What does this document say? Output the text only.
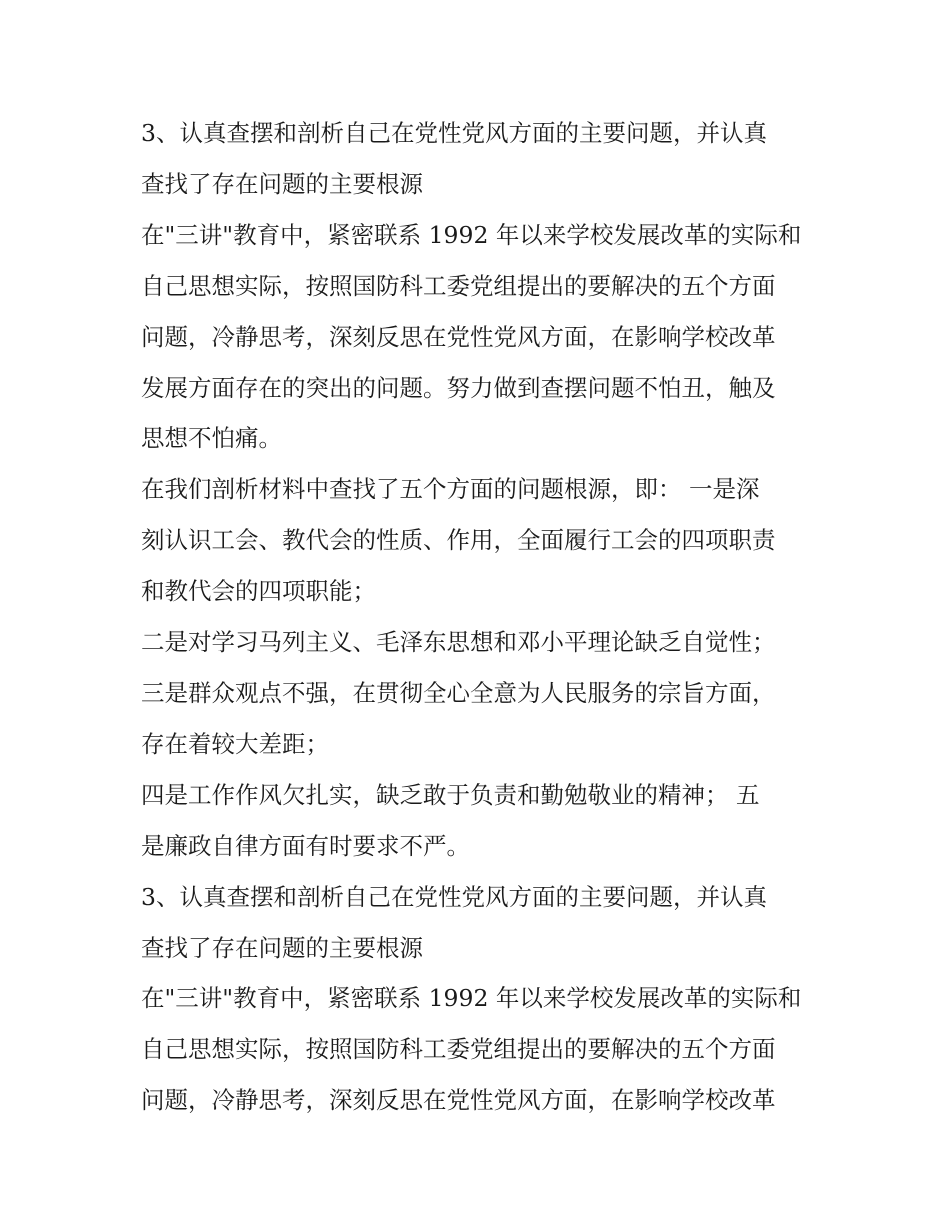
3、认真查摆和剖析自己在党性党风方面的主要问题，并认真

查找了存在问题的主要根源

在"三讲"教育中，紧密联系 1992 年以来学校发展改革的实际和

自己思想实际，按照国防科工委党组提出的要解决的五个方面

问题，冷静思考，深刻反思在党性党风方面，在影响学校改革

发展方面存在的突出的问题。努力做到查摆问题不怕丑，触及

思想不怕痛。

在我们剖析材料中查找了五个方面的问题根源，即： 一是深

刻认识工会、教代会的性质、作用，全面履行工会的四项职责

和教代会的四项职能；

二是对学习马列主义、毛泽东思想和邓小平理论缺乏自觉性；

三是群众观点不强，在贯彻全心全意为人民服务的宗旨方面，

存在着较大差距；

四是工作作风欠扎实，缺乏敢于负责和勤勉敬业的精神； 五

是廉政自律方面有时要求不严。

3、认真查摆和剖析自己在党性党风方面的主要问题，并认真

查找了存在问题的主要根源

在"三讲"教育中，紧密联系 1992 年以来学校发展改革的实际和

自己思想实际，按照国防科工委党组提出的要解决的五个方面

问题，冷静思考，深刻反思在党性党风方面，在影响学校改革
